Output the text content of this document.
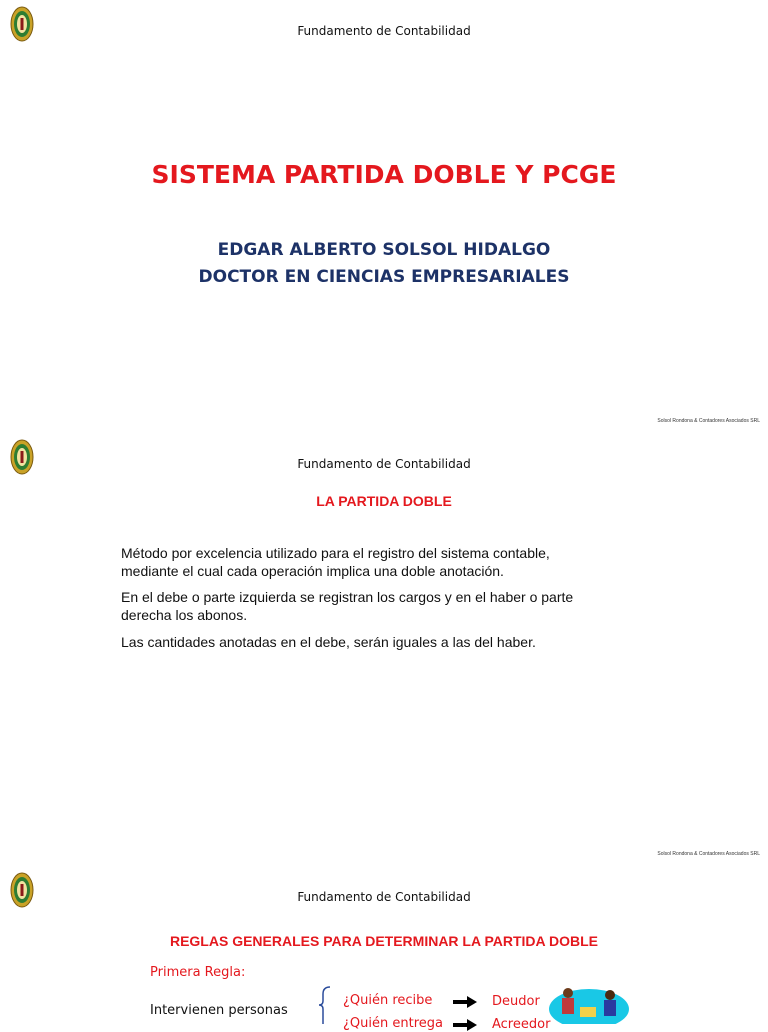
Fundamento de Contabilidad
SISTEMA PARTIDA DOBLE Y PCGE
EDGAR ALBERTO SOLSOL HIDALGO
DOCTOR EN CIENCIAS EMPRESARIALES
Solsol Rondona & Contadores Asociados SRL
Fundamento de Contabilidad
LA PARTIDA DOBLE
Método por excelencia utilizado para el registro del sistema contable, mediante el cual cada operación implica una doble anotación.
En el debe o parte izquierda se registran los cargos y en el haber o parte derecha los abonos.
Las cantidades anotadas en el debe, serán iguales a las del haber.
Solsol Rondona & Contadores Asociados SRL
Fundamento de Contabilidad
REGLAS GENERALES PARA DETERMINAR LA PARTIDA DOBLE
Primera Regla:
Intervienen personas
¿Quién recibe
¿Quién entrega
Deudor
Acreedor
